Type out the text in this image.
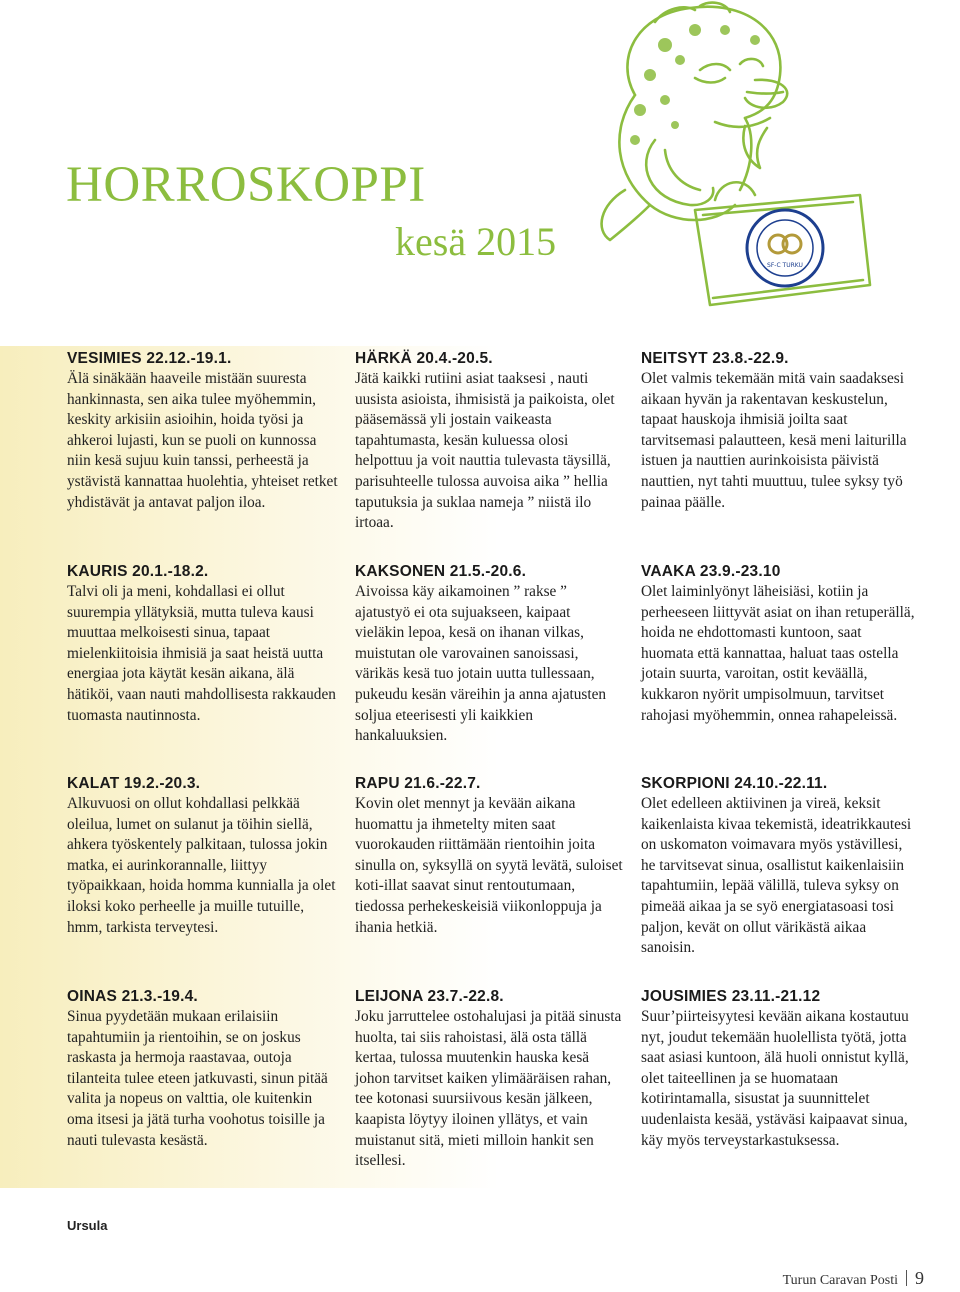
HORROSKOPPI
kesä 2015
SF-C TURKU
VESIMIES 22.12.-19.1.

Älä sinäkään haaveile mistään suuresta hankinnasta, sen aika tulee myöhemmin, keskity arkisiin asioihin, hoida työsi ja ahkeroi lujasti, kun se puoli on kunnossa niin kesä sujuu kuin tanssi, perheestä ja ystävistä kannattaa huolehtia, yhteiset retket yhdistävät ja antavat paljon iloa.

HÄRKÄ 20.4.-20.5.

Jätä kaikki rutiini asiat taaksesi , nauti uusista asioista, ihmisistä ja paikoista, olet pääsemässä yli jostain vaikeasta tapahtumasta, kesän kuluessa olosi helpottuu ja voit nauttia tulevasta täysillä, parisuhteelle tulossa auvoisa aika ” hellia taputuksia ja suklaa nameja ” niistä ilo irtoaa.

NEITSYT 23.8.-22.9.

Olet valmis tekemään mitä vain saadaksesi aikaan hyvän ja rakentavan keskustelun, tapaat hauskoja ihmisiä joilta saat tarvitsemasi palautteen, kesä meni laiturilla istuen ja nauttien aurinkoisista päivistä nauttien, nyt tahti muuttuu, tulee syksy työ painaa päälle.

KAURIS 20.1.-18.2.

Talvi oli ja meni, kohdallasi ei ollut suurempia yllätyksiä, mutta tuleva kausi muuttaa melkoisesti sinua, tapaat mielenkiitoisia ihmisiä ja saat heistä uutta energiaa jota käytät kesän aikana, älä hätiköi, vaan nauti mahdollisesta rakkauden tuomasta nautinnosta.

KAKSONEN 21.5.-20.6.

Aivoissa käy aikamoinen ” rakse ” ajatustyö ei ota sujuakseen, kaipaat vieläkin lepoa, kesä on ihanan vilkas, muistutan ole varovainen sanoissasi, värikäs kesä tuo jotain uutta tullessaan, pukeudu kesän väreihin ja anna ajatusten soljua eteerisesti yli kaikkien hankaluuksien.

VAAKA 23.9.-23.10

Olet laiminlyönyt läheisiäsi, kotiin ja perheeseen liittyvät asiat on ihan retuperällä, hoida ne ehdottomasti kuntoon, saat huomata että kannattaa, haluat taas ostella jotain suurta, varoitan, ostit keväällä, kukkaron nyörit umpisolmuun, tarvitset rahojasi myöhemmin, onnea rahapeleissä.

KALAT 19.2.-20.3.

Alkuvuosi on ollut kohdallasi pelkkää oleilua, lumet on sulanut ja töihin siellä, ahkera työskentely palkitaan, tulossa jokin matka, ei aurinkorannalle, liittyy työpaikkaan, hoida homma kunnialla ja olet iloksi koko perheelle ja muille tutuille, hmm, tarkista terveytesi.

RAPU 21.6.-22.7.

Kovin olet mennyt ja kevään aikana huomattu ja ihmetelty miten saat vuorokauden riittämään rientoihin joita sinulla on, syksyllä on syytä levätä, suloiset koti-illat saavat sinut rentoutumaan, tiedossa perhekeskeisiä viikonloppuja ja ihania hetkiä.

SKORPIONI 24.10.-22.11.

Olet edelleen aktiivinen ja vireä, keksit kaikenlaista kivaa tekemistä, ideatrikkautesi on uskomaton voimavara myös ystävillesi, he tarvitsevat sinua, osallistut kaikenlaisiin tapahtumiin, lepää välillä, tuleva syksy on pimeää aikaa ja se syö energiatasoasi tosi paljon, kevät on ollut värikästä aikaa sanoisin.

OINAS 21.3.-19.4.

Sinua pyydetään mukaan erilaisiin tapahtumiin ja rientoihin, se on joskus raskasta ja hermoja raastavaa, outoja tilanteita tulee eteen jatkuvasti, sinun pitää valita ja nopeus on valttia, ole kuitenkin oma itsesi ja jätä turha voohotus toisille ja nauti tulevasta kesästä.

LEIJONA 23.7.-22.8.

Joku jarruttelee ostohalujasi ja pitää sinusta huolta, tai siis rahoistasi, älä osta tällä kertaa, tulossa muutenkin hauska kesä johon tarvitset kaiken ylimääräisen rahan, tee kotonasi suursiivous kesän jälkeen, kaapista löytyy iloinen yllätys, et vain muistanut sitä, mieti milloin hankit sen itsellesi.

JOUSIMIES 23.11.-21.12

Suur’piirteisyytesi kevään aikana kostautuu nyt, joudut tekemään huolellista työtä, jotta saat asiasi kuntoon, älä huoli onnistut kyllä, olet taiteellinen ja se huomataan kotirintamalla, sisustat ja suunnittelet uudenlaista kesää, ystäväsi kaipaavat sinua, käy myös terveystarkastuksessa.

Ursula

Turun Caravan Posti 9
